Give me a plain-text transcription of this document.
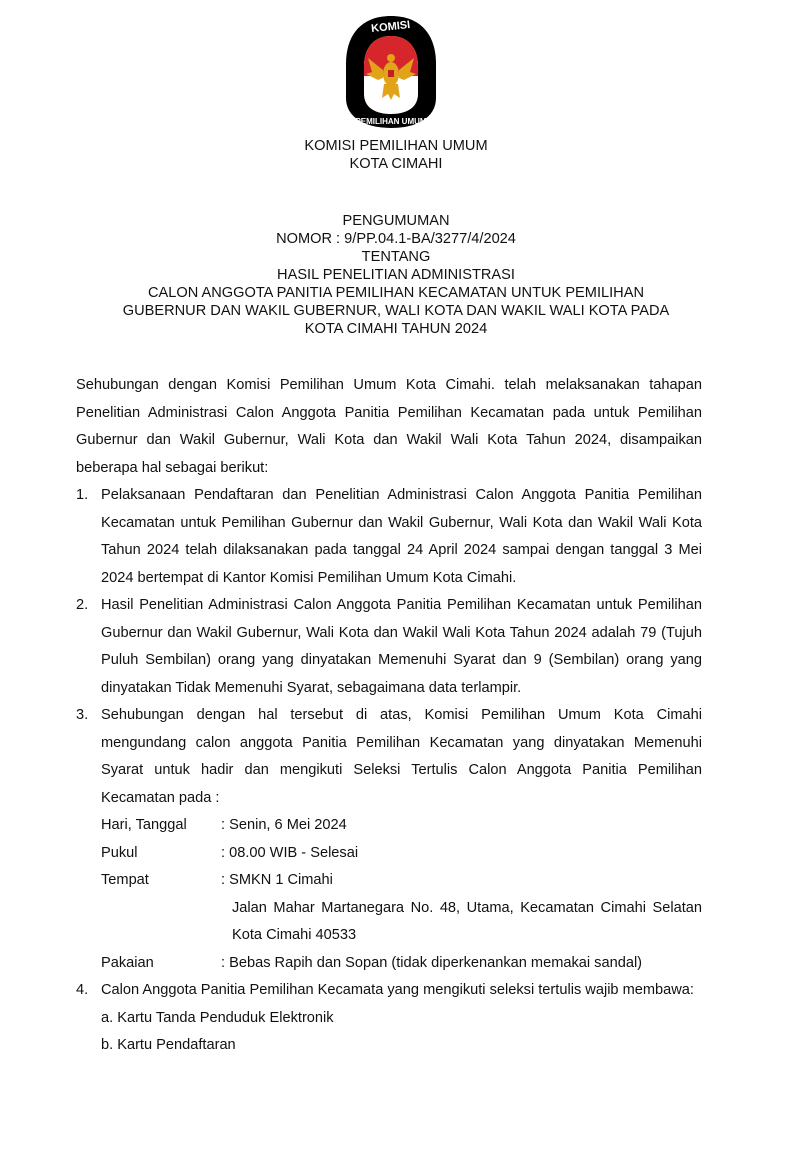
KOMISI
PEMILIHAN UMUM
KOMISI PEMILIHAN UMUM
KOTA CIMAHI
PENGUMUMAN
NOMOR : 9/PP.04.1-BA/3277/4/2024
TENTANG
HASIL PENELITIAN ADMINISTRASI
CALON ANGGOTA PANITIA PEMILIHAN KECAMATAN UNTUK PEMILIHAN
GUBERNUR DAN WAKIL GUBERNUR, WALI KOTA DAN WAKIL WALI KOTA PADA
KOTA CIMAHI TAHUN 2024

Sehubungan dengan Komisi Pemilihan Umum Kota Cimahi. telah melaksanakan tahapan Penelitian Administrasi Calon Anggota Panitia Pemilihan Kecamatan pada untuk Pemilihan Gubernur dan Wakil Gubernur, Wali Kota dan Wakil Wali Kota Tahun 2024, disampaikan beberapa hal sebagai berikut:

1. Pelaksanaan Pendaftaran dan Penelitian Administrasi Calon Anggota Panitia Pemilihan Kecamatan untuk Pemilihan Gubernur dan Wakil Gubernur, Wali Kota dan Wakil Wali Kota Tahun 2024 telah dilaksanakan pada tanggal 24 April 2024 sampai dengan tanggal 3 Mei 2024 bertempat di Kantor Komisi Pemilihan Umum Kota Cimahi.
2. Hasil Penelitian Administrasi Calon Anggota Panitia Pemilihan Kecamatan untuk Pemilihan Gubernur dan Wakil Gubernur, Wali Kota dan Wakil Wali Kota Tahun 2024 adalah 79 (Tujuh Puluh Sembilan) orang yang dinyatakan Memenuhi Syarat dan 9 (Sembilan) orang yang dinyatakan Tidak Memenuhi Syarat, sebagaimana data terlampir.
3. Sehubungan dengan hal tersebut di atas, Komisi Pemilihan Umum Kota Cimahi mengundang calon anggota Panitia Pemilihan Kecamatan yang dinyatakan Memenuhi Syarat untuk hadir dan mengikuti Seleksi Tertulis Calon Anggota Panitia Pemilihan Kecamatan pada :
Hari, Tanggal	: Senin, 6 Mei 2024
Pukul	: 08.00 WIB - Selesai
Tempat	: SMKN 1 Cimahi
Jalan Mahar Martanegara No. 48, Utama, Kecamatan Cimahi Selatan Kota Cimahi 40533
Pakaian	: Bebas Rapih dan Sopan (tidak diperkenankan memakai sandal)
4. Calon Anggota Panitia Pemilihan Kecamata yang mengikuti seleksi tertulis wajib membawa:
a. Kartu Tanda Penduduk Elektronik
b. Kartu Pendaftaran
